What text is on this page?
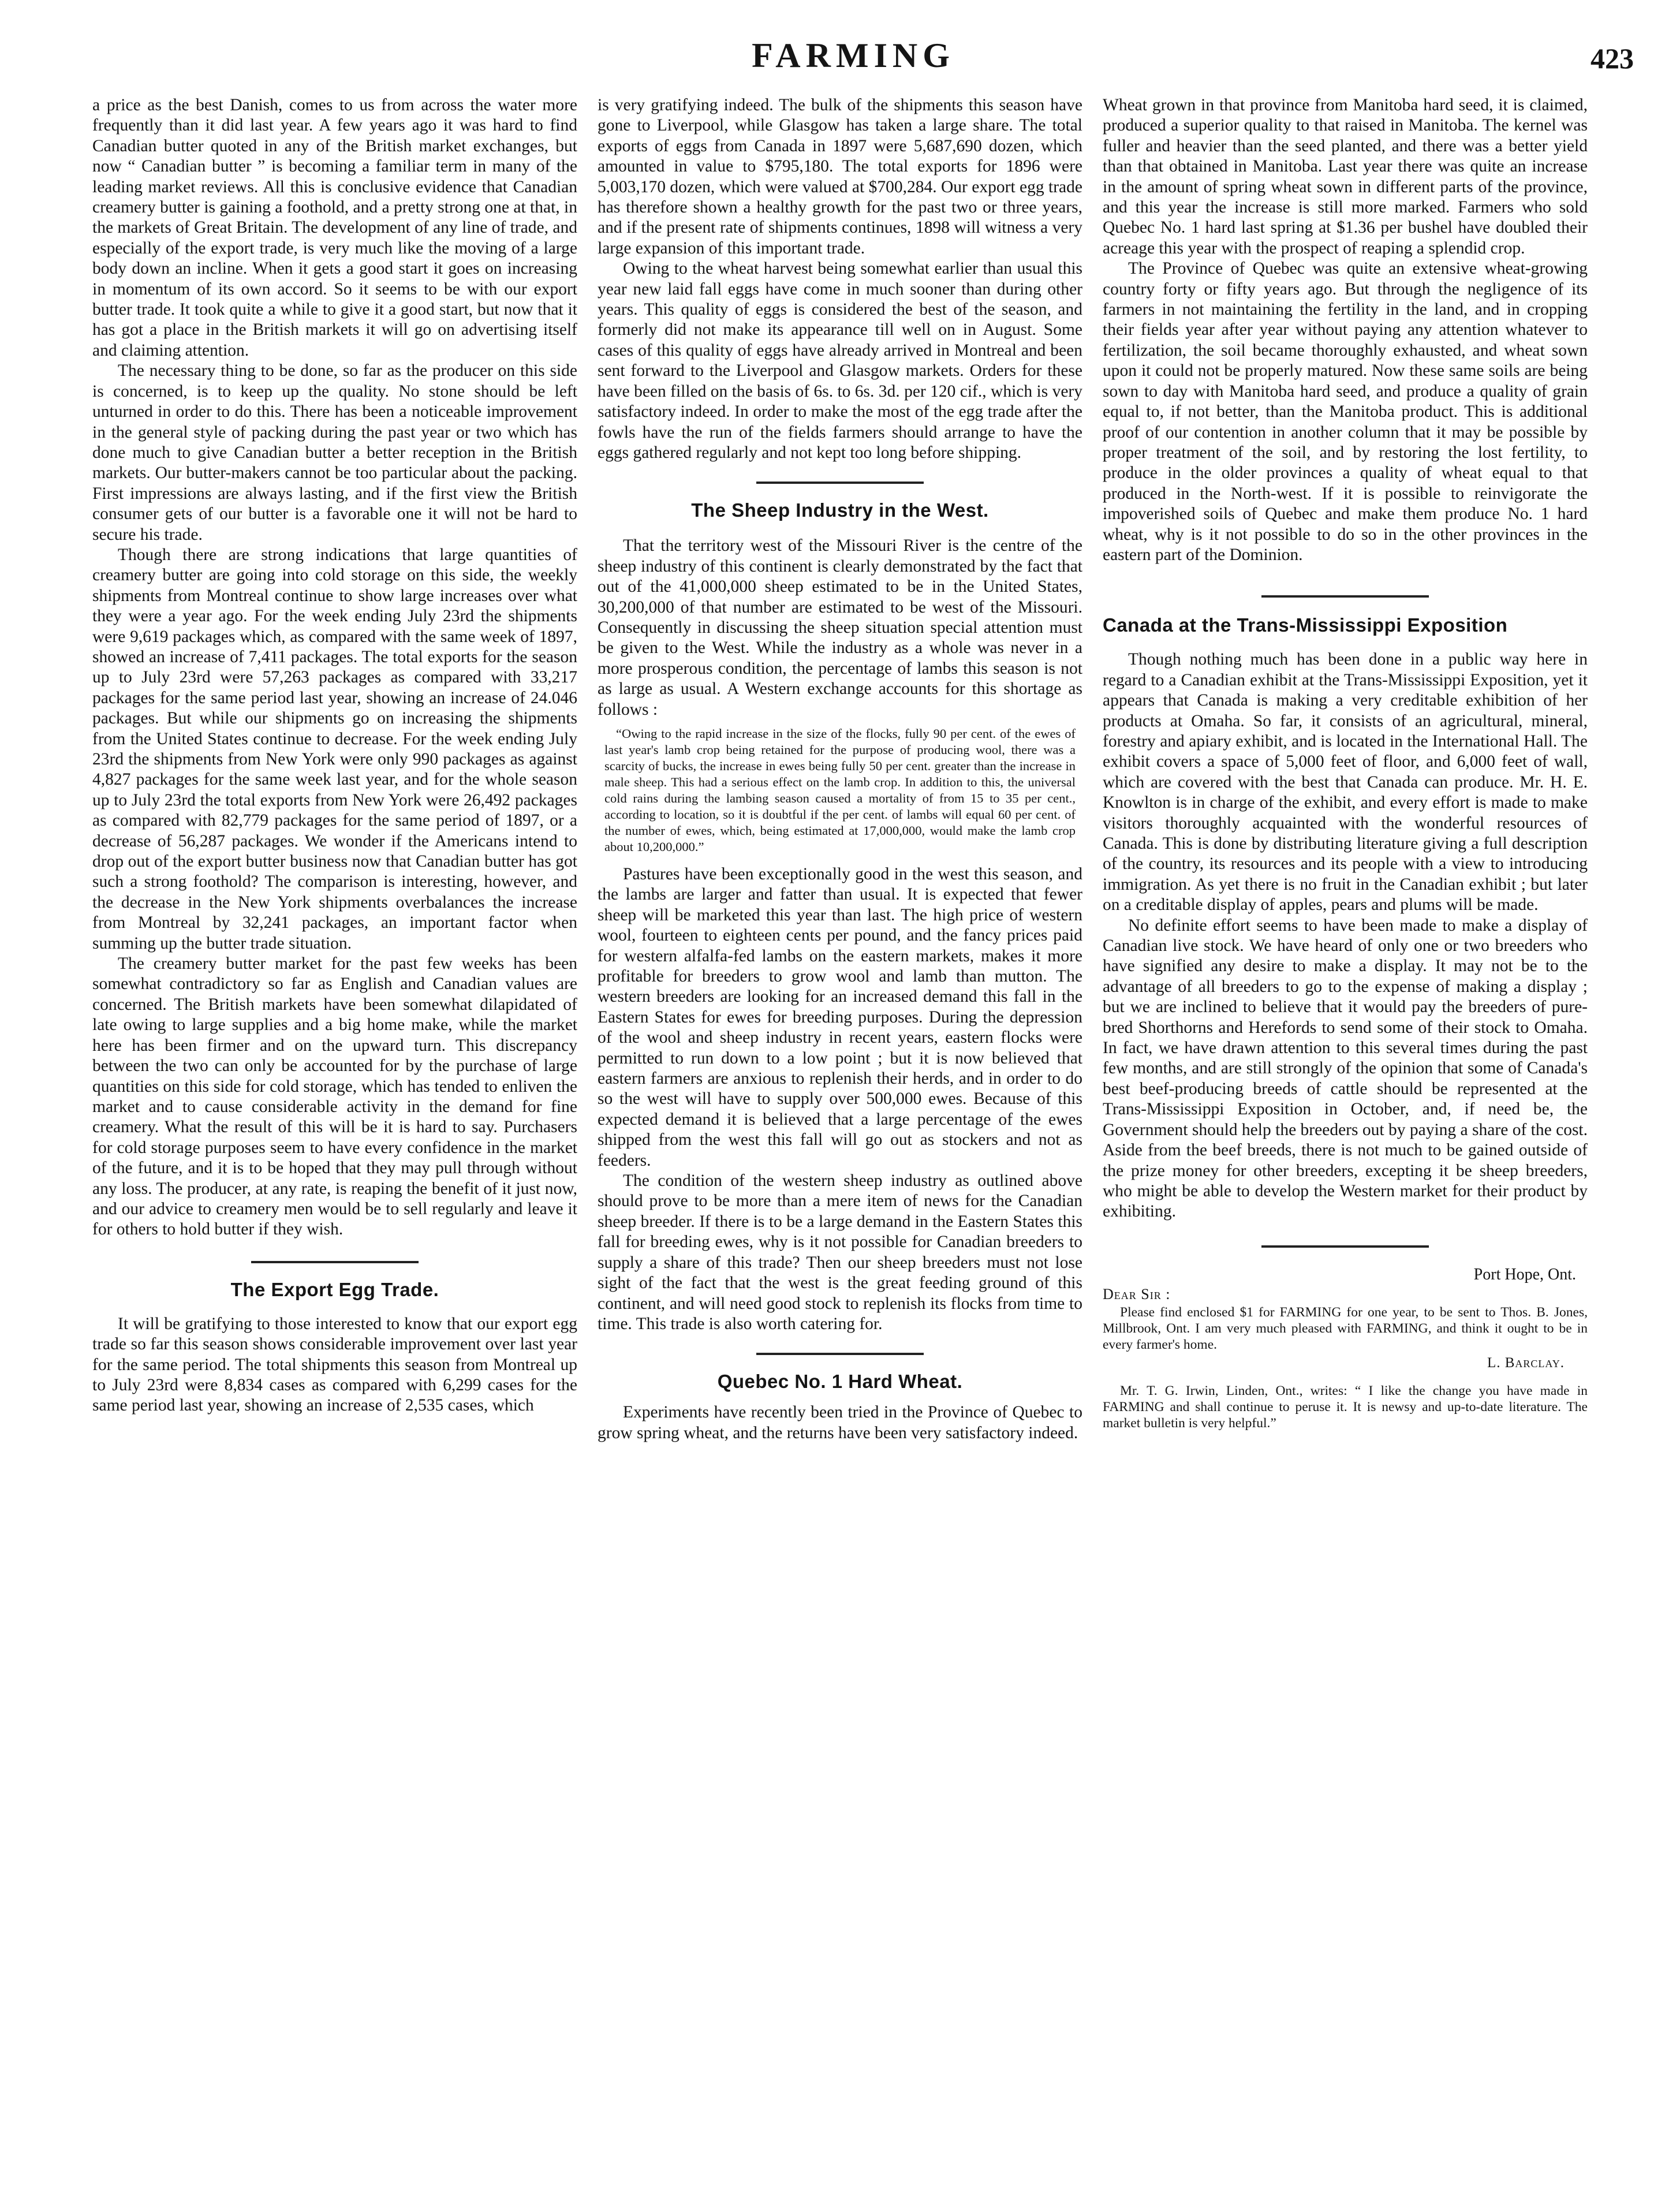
FARMING	423

a price as the best Danish, comes to us from across the water more frequently than it did last year. A few years ago it was hard to find Canadian butter quoted in any of the British market exchanges, but now “ Canadian butter ” is becoming a familiar term in many of the leading market reviews. All this is conclusive evidence that Canadian creamery butter is gaining a foothold, and a pretty strong one at that, in the markets of Great Britain. The development of any line of trade, and especially of the export trade, is very much like the moving of a large body down an incline. When it gets a good start it goes on increasing in momentum of its own accord. So it seems to be with our export butter trade. It took quite a while to give it a good start, but now that it has got a place in the British markets it will go on advertising itself and claiming attention.

The necessary thing to be done, so far as the producer on this side is concerned, is to keep up the quality. No stone should be left unturned in order to do this. There has been a noticeable improvement in the general style of packing during the past year or two which has done much to give Canadian butter a better reception in the British markets. Our butter-makers cannot be too particular about the packing. First impressions are always lasting, and if the first view the British consumer gets of our butter is a favorable one it will not be hard to secure his trade.

Though there are strong indications that large quantities of creamery butter are going into cold storage on this side, the weekly shipments from Montreal continue to show large increases over what they were a year ago. For the week ending July 23rd the shipments were 9,619 packages which, as compared with the same week of 1897, showed an increase of 7,411 packages. The total exports for the season up to July 23rd were 57,263 packages as compared with 33,217 packages for the same period last year, showing an increase of 24.046 packages. But while our shipments go on increasing the shipments from the United States continue to decrease. For the week ending July 23rd the shipments from New York were only 990 packages as against 4,827 packages for the same week last year, and for the whole season up to July 23rd the total exports from New York were 26,492 packages as compared with 82,779 packages for the same period of 1897, or a decrease of 56,287 packages. We wonder if the Americans intend to drop out of the export butter business now that Canadian butter has got such a strong foothold? The comparison is interesting, however, and the decrease in the New York shipments overbalances the increase from Montreal by 32,241 packages, an important factor when summing up the butter trade situation.

The creamery butter market for the past few weeks has been somewhat contradictory so far as English and Canadian values are concerned. The British markets have been somewhat dilapidated of late owing to large supplies and a big home make, while the market here has been firmer and on the upward turn. This discrepancy between the two can only be accounted for by the purchase of large quantities on this side for cold storage, which has tended to enliven the market and to cause considerable activity in the demand for fine creamery. What the result of this will be it is hard to say. Purchasers for cold storage purposes seem to have every confidence in the market of the future, and it is to be hoped that they may pull through without any loss. The producer, at any rate, is reaping the benefit of it just now, and our advice to creamery men would be to sell regularly and leave it for others to hold butter if they wish.

The Export Egg Trade.

It will be gratifying to those interested to know that our export egg trade so far this season shows considerable improvement over last year for the same period. The total shipments this season from Montreal up to July 23rd were 8,834 cases as compared with 6,299 cases for the same period last year, showing an increase of 2,535 cases, which

is very gratifying indeed. The bulk of the shipments this season have gone to Liverpool, while Glasgow has taken a large share. The total exports of eggs from Canada in 1897 were 5,687,690 dozen, which amounted in value to $795,180. The total exports for 1896 were 5,003,170 dozen, which were valued at $700,284. Our export egg trade has therefore shown a healthy growth for the past two or three years, and if the present rate of shipments continues, 1898 will witness a very large expansion of this important trade.

Owing to the wheat harvest being somewhat earlier than usual this year new laid fall eggs have come in much sooner than during other years. This quality of eggs is considered the best of the season, and formerly did not make its appearance till well on in August. Some cases of this quality of eggs have already arrived in Montreal and been sent forward to the Liverpool and Glasgow markets. Orders for these have been filled on the basis of 6s. to 6s. 3d. per 120 cif., which is very satisfactory indeed. In order to make the most of the egg trade after the fowls have the run of the fields farmers should arrange to have the eggs gathered regularly and not kept too long before shipping.

The Sheep Industry in the West.

That the territory west of the Missouri River is the centre of the sheep industry of this continent is clearly demonstrated by the fact that out of the 41,000,000 sheep estimated to be in the United States, 30,200,000 of that number are estimated to be west of the Missouri. Consequently in discussing the sheep situation special attention must be given to the West. While the industry as a whole was never in a more prosperous condition, the percentage of lambs this season is not as large as usual. A Western exchange accounts for this shortage as follows :

“Owing to the rapid increase in the size of the flocks, fully 90 per cent. of the ewes of last year's lamb crop being retained for the purpose of producing wool, there was a scarcity of bucks, the increase in ewes being fully 50 per cent. greater than the increase in male sheep. This had a serious effect on the lamb crop. In addition to this, the universal cold rains during the lambing season caused a mortality of from 15 to 35 per cent., according to location, so it is doubtful if the per cent. of lambs will equal 60 per cent. of the number of ewes, which, being estimated at 17,000,000, would make the lamb crop about 10,200,000.”

Pastures have been exceptionally good in the west this season, and the lambs are larger and fatter than usual. It is expected that fewer sheep will be marketed this year than last. The high price of western wool, fourteen to eighteen cents per pound, and the fancy prices paid for western alfalfa-fed lambs on the eastern markets, makes it more profitable for breeders to grow wool and lamb than mutton. The western breeders are looking for an increased demand this fall in the Eastern States for ewes for breeding purposes. During the depression of the wool and sheep industry in recent years, eastern flocks were permitted to run down to a low point ; but it is now believed that eastern farmers are anxious to replenish their herds, and in order to do so the west will have to supply over 500,000 ewes. Because of this expected demand it is believed that a large percentage of the ewes shipped from the west this fall will go out as stockers and not as feeders.

The condition of the western sheep industry as outlined above should prove to be more than a mere item of news for the Canadian sheep breeder. If there is to be a large demand in the Eastern States this fall for breeding ewes, why is it not possible for Canadian breeders to supply a share of this trade? Then our sheep breeders must not lose sight of the fact that the west is the great feeding ground of this continent, and will need good stock to replenish its flocks from time to time. This trade is also worth catering for.

Quebec No. 1 Hard Wheat.

Experiments have recently been tried in the Province of Quebec to grow spring wheat, and the returns have been very satisfactory indeed.

Wheat grown in that province from Manitoba hard seed, it is claimed, produced a superior quality to that raised in Manitoba. The kernel was fuller and heavier than the seed planted, and there was a better yield than that obtained in Manitoba. Last year there was quite an increase in the amount of spring wheat sown in different parts of the province, and this year the increase is still more marked. Farmers who sold Quebec No. 1 hard last spring at $1.36 per bushel have doubled their acreage this year with the prospect of reaping a splendid crop.

The Province of Quebec was quite an extensive wheat-growing country forty or fifty years ago. But through the negligence of its farmers in not maintaining the fertility in the land, and in cropping their fields year after year without paying any attention whatever to fertilization, the soil became thoroughly exhausted, and wheat sown upon it could not be properly matured. Now these same soils are being sown to day with Manitoba hard seed, and produce a quality of grain equal to, if not better, than the Manitoba product. This is additional proof of our contention in another column that it may be possible by proper treatment of the soil, and by restoring the lost fertility, to produce in the older provinces a quality of wheat equal to that produced in the North-west. If it is possible to reinvigorate the impoverished soils of Quebec and make them produce No. 1 hard wheat, why is it not possible to do so in the other provinces in the eastern part of the Dominion.

Canada at the Trans-Mississippi Exposition

Though nothing much has been done in a public way here in regard to a Canadian exhibit at the Trans-Mississippi Exposition, yet it appears that Canada is making a very creditable exhibition of her products at Omaha. So far, it consists of an agricultural, mineral, forestry and apiary exhibit, and is located in the International Hall. The exhibit covers a space of 5,000 feet of floor, and 6,000 feet of wall, which are covered with the best that Canada can produce. Mr. H. E. Knowlton is in charge of the exhibit, and every effort is made to make visitors thoroughly acquainted with the wonderful resources of Canada. This is done by distributing literature giving a full description of the country, its resources and its people with a view to introducing immigration. As yet there is no fruit in the Canadian exhibit ; but later on a creditable display of apples, pears and plums will be made.

No definite effort seems to have been made to make a display of Canadian live stock. We have heard of only one or two breeders who have signified any desire to make a display. It may not be to the advantage of all breeders to go to the expense of making a display ; but we are inclined to believe that it would pay the breeders of pure-bred Shorthorns and Herefords to send some of their stock to Omaha. In fact, we have drawn attention to this several times during the past few months, and are still strongly of the opinion that some of Canada's best beef-producing breeds of cattle should be represented at the Trans-Mississippi Exposition in October, and, if need be, the Government should help the breeders out by paying a share of the cost. Aside from the beef breeds, there is not much to be gained outside of the prize money for other breeders, excepting it be sheep breeders, who might be able to develop the Western market for their product by exhibiting.

Port Hope, Ont.

Dear Sir :

Please find enclosed $1 for FARMING for one year, to be sent to Thos. B. Jones, Millbrook, Ont. I am very much pleased with FARMING, and think it ought to be in every farmer's home.

L. Barclay.

Mr. T. G. Irwin, Linden, Ont., writes: “ I like the change you have made in FARMING and shall continue to peruse it. It is newsy and up-to-date literature. The market bulletin is very helpful.”
